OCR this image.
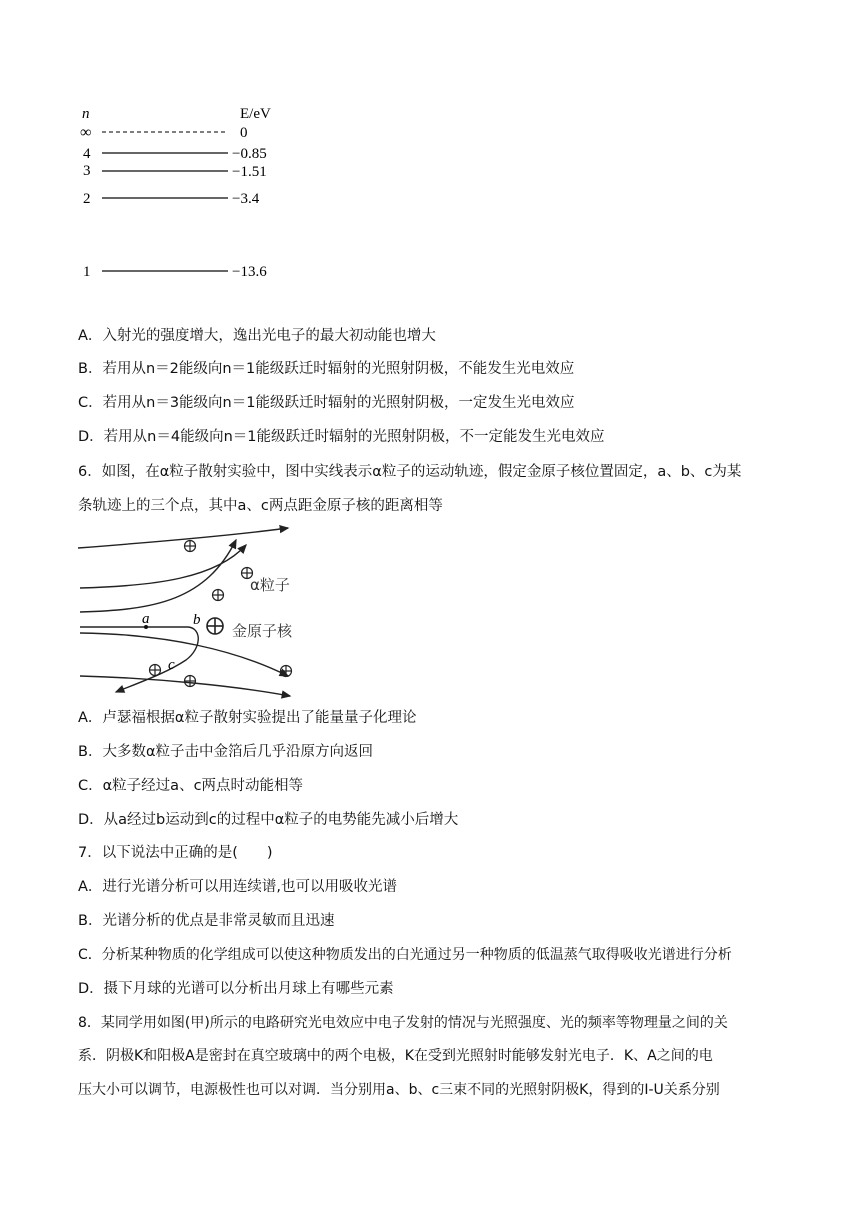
n	E/eV
∞	0
4	−0.85
3	−1.51
2	−3.4
1	−13.6
A．入射光的强度增大，逸出光电子的最大初动能也增大
B．若用从n＝2能级向n＝1能级跃迁时辐射的光照射阴极，不能发生光电效应
C．若用从n＝3能级向n＝1能级跃迁时辐射的光照射阴极，一定发生光电效应
D．若用从n＝4能级向n＝1能级跃迁时辐射的光照射阴极，不一定能发生光电效应
6．如图，在α粒子散射实验中，图中实线表示α粒子的运动轨迹，假定金原子核位置固定，a、b、c为某
条轨迹上的三个点，其中a、c两点距金原子核的距离相等
a	b
c
α粒子
金原子核
A．卢瑟福根据α粒子散射实验提出了能量量子化理论
B．大多数α粒子击中金箔后几乎沿原方向返回
C．α粒子经过a、c两点时动能相等
D．从a经过b运动到c的过程中α粒子的电势能先减小后增大
7．以下说法中正确的是(　　)
A．进行光谱分析可以用连续谱,也可以用吸收光谱
B．光谱分析的优点是非常灵敏而且迅速
C．分析某种物质的化学组成可以使这种物质发出的白光通过另一种物质的低温蒸气取得吸收光谱进行分析
D．摄下月球的光谱可以分析出月球上有哪些元素
8．某同学用如图(甲)所示的电路研究光电效应中电子发射的情况与光照强度、光的频率等物理量之间的关
系．阴极K和阳极A是密封在真空玻璃中的两个电极，K在受到光照射时能够发射光电子．K、A之间的电
压大小可以调节，电源极性也可以对调．当分别用a、b、c三束不同的光照射阴极K，得到的I-U关系分别
